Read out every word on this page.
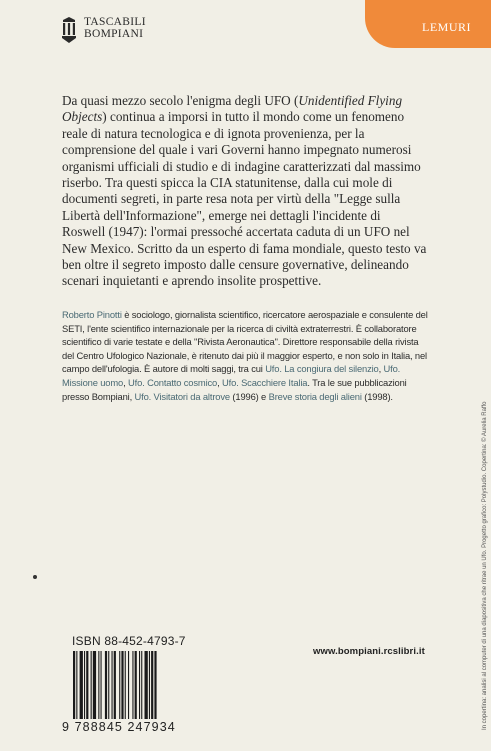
TASCABILI
BOMPIANI	LEMURI

Da quasi mezzo secolo l'enigma degli UFO (Unidentified Flying Objects) continua a imporsi in tutto il mondo come un fenomeno reale di natura tecnologica e di ignota provenienza, per la comprensione del quale i vari Governi hanno impegnato numerosi organismi ufficiali di studio e di indagine caratterizzati dal massimo riserbo. Tra questi spicca la CIA statunitense, dalla cui mole di documenti segreti, in parte resa nota per virtù della "Legge sulla Libertà dell'Informazione", emerge nei dettagli l'incidente di Roswell (1947): l'ormai pressoché accertata caduta di un UFO nel New Mexico. Scritto da un esperto di fama mondiale, questo testo va ben oltre il segreto imposto dalle censure governative, delineando scenari inquietanti e aprendo insolite prospettive.

Roberto Pinotti è sociologo, giornalista scientifico, ricercatore aerospaziale e consulente del SETI, l'ente scientifico internazionale per la ricerca di civiltà extraterrestri. È collaboratore scientifico di varie testate e della "Rivista Aeronautica". Direttore responsabile della rivista del Centro Ufologico Nazionale, è ritenuto dai più il maggior esperto, e non solo in Italia, nel campo dell'ufologia. È autore di molti saggi, tra cui Ufo. La congiura del silenzio, Ufo. Missione uomo, Ufo. Contatto cosmico, Ufo. Scacchiere Italia. Tra le sue pubblicazioni presso Bompiani, Ufo. Visitatori da altrove (1996) e Breve storia degli alieni (1998).

In copertina: analisi al computer di una diapositiva che ritrae un Ufo. Progetto grafico: Polystudio. Copertina: © Aurelia Raffo
ISBN 88-452-4793-7
9 788845 247934
www.bompiani.rcslibri.it
